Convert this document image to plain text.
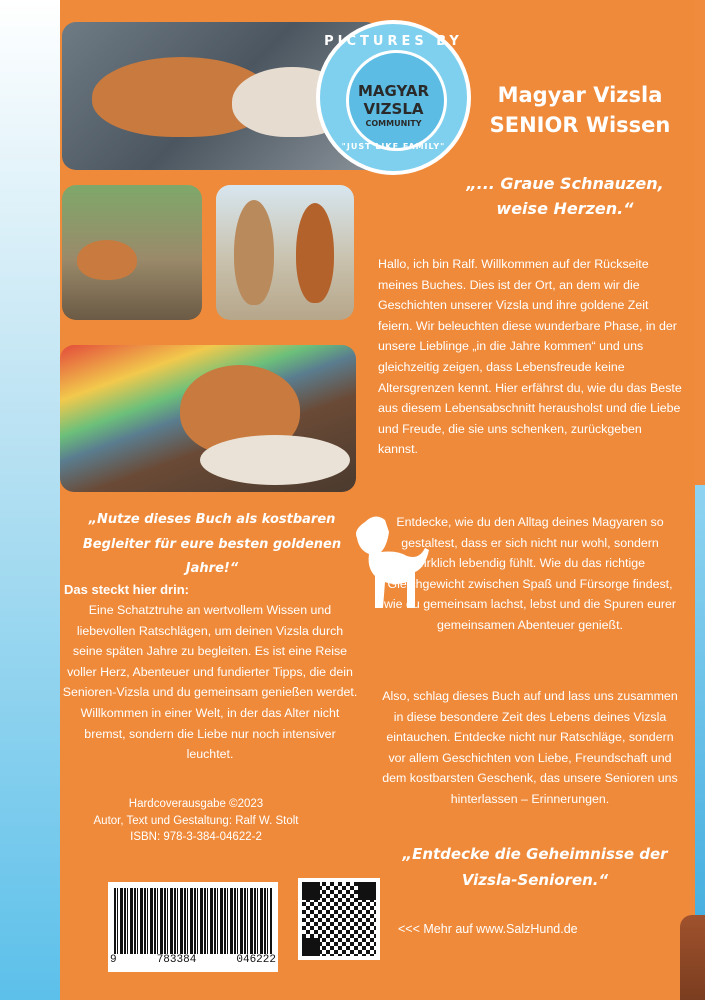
PICTURES BY
MAGYAR
VIZSLA
COMMUNITY
"JUST LIKE FAMILY"
Magyar Vizsla
SENIOR Wissen
„... Graue Schnauzen,
weise Herzen.“
Hallo, ich bin Ralf. Willkommen auf der Rückseite meines Buches. Dies ist der Ort, an dem wir die Geschichten unserer Vizsla und ihre goldene Zeit feiern. Wir beleuchten diese wunderbare Phase, in der unsere Lieblinge „in die Jahre kommen“ und uns gleichzeitig zeigen, dass Lebensfreude keine Altersgrenzen kennt. Hier erfährst du, wie du das Beste aus diesem Lebensabschnitt herausholst und die Liebe und Freude, die sie uns schenken, zurückgeben kannst.
Entdecke, wie du den Alltag deines Magyaren so gestaltest, dass er sich nicht nur wohl, sondern wirklich lebendig fühlt. Wie du das richtige Gleichgewicht zwischen Spaß und Fürsorge findest, wie du gemeinsam lachst, lebst und die Spuren eurer gemeinsamen Abenteuer genießt.
Also, schlag dieses Buch auf und lass uns zusammen in diese besondere Zeit des Lebens deines Vizsla eintauchen. Entdecke nicht nur Ratschläge, sondern vor allem Geschichten von Liebe, Freundschaft und dem kostbarsten Geschenk, das unsere Senioren uns hinterlassen – Erinnerungen.
„Nutze dieses Buch als kostbaren
Begleiter für eure besten goldenen Jahre!“
Das steckt hier drin:
Eine Schatztruhe an wertvollem Wissen und liebevollen Ratschlägen, um deinen Vizsla durch seine späten Jahre zu begleiten. Es ist eine Reise voller Herz, Abenteuer und fundierter Tipps, die dein Senioren-Vizsla und du gemeinsam genießen werdet. Willkommen in einer Welt, in der das Alter nicht bremst, sondern die Liebe nur noch intensiver leuchtet.
Hardcoverausgabe ©2023
Autor, Text und Gestaltung: Ralf W. Stolt
ISBN: 978-3-384-04622-2
9	783384	046222
„Entdecke die Geheimnisse der
Vizsla-Senioren.“
<<< Mehr auf www.SalzHund.de
